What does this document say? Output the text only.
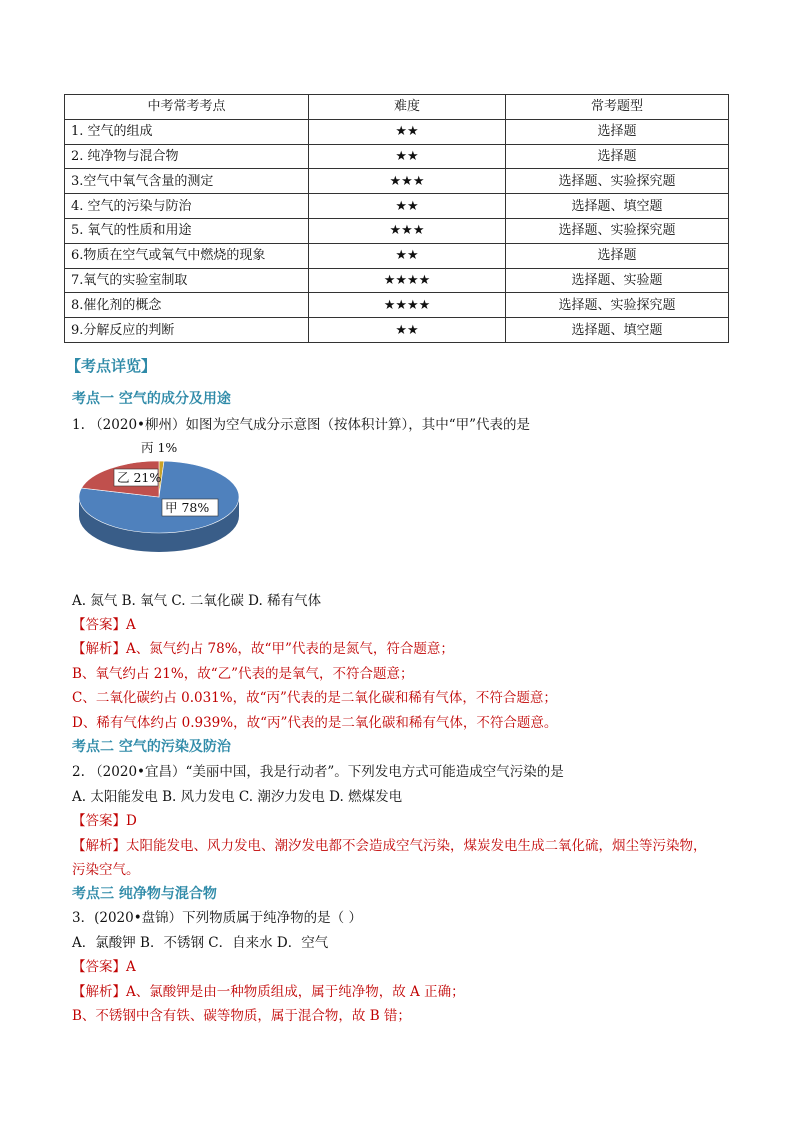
中考常考考点	难度	常考题型
1. 空气的组成	★★	选择题
2. 纯净物与混合物	★★	选择题
3.空气中氧气含量的测定	★★★	选择题、实验探究题
4. 空气的污染与防治	★★	选择题、填空题
5. 氧气的性质和用途	★★★	选择题、实验探究题
6.物质在空气或氧气中燃烧的现象	★★	选择题
7.氧气的实验室制取	★★★★	选择题、实验题
8.催化剂的概念	★★★★	选择题、实验探究题
9.分解反应的判断	★★	选择题、填空题
【考点详览】
考点一 空气的成分及用途
1. （2020•柳州）如图为空气成分示意图（按体积计算），其中“甲”代表的是
丙 1%
甲 78%
乙 21%
A. 氮气 B. 氧气 C. 二氧化碳 D. 稀有气体
【答案】A
【解析】A、氮气约占 78%，故“甲”代表的是氮气，符合题意；
B、氧气约占 21%，故“乙”代表的是氧气，不符合题意；
C、二氧化碳约占 0.031%，故“丙”代表的是二氧化碳和稀有气体，不符合题意；
D、稀有气体约占 0.939%，故“丙”代表的是二氧化碳和稀有气体，不符合题意。
考点二 空气的污染及防治
2. （2020•宜昌）“美丽中国，我是行动者”。下列发电方式可能造成空气污染的是
A. 太阳能发电 B. 风力发电 C. 潮汐力发电 D. 燃煤发电
【答案】D
【解析】太阳能发电、风力发电、潮汐发电都不会造成空气污染，煤炭发电生成二氧化硫，烟尘等污染物，
污染空气。
考点三 纯净物与混合物
3．(2020•盘锦）下列物质属于纯净物的是（ ）
A．氯酸钾 B．不锈钢 C．自来水 D．空气
【答案】A
【解析】A、氯酸钾是由一种物质组成，属于纯净物，故 A 正确；
B、不锈钢中含有铁、碳等物质，属于混合物，故 B 错；
